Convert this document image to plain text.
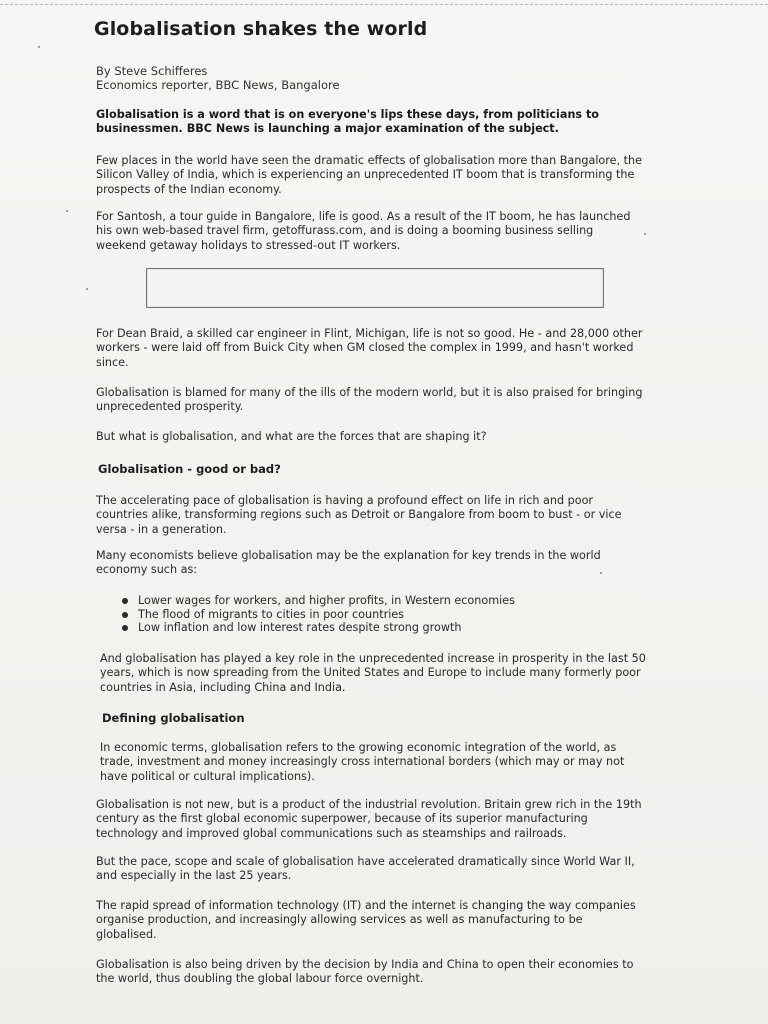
Globalisation shakes the world
By Steve Schifferes
Economics reporter, BBC News, Bangalore

Globalisation is a word that is on everyone's lips these days, from politicians to businessmen. BBC News is launching a major examination of the subject.

Few places in the world have seen the dramatic effects of globalisation more than Bangalore, the Silicon Valley of India, which is experiencing an unprecedented IT boom that is transforming the prospects of the Indian economy.

For Santosh, a tour guide in Bangalore, life is good. As a result of the IT boom, he has launched his own web-based travel firm, getoffurass.com, and is doing a booming business selling weekend getaway holidays to stressed-out IT workers.

For Dean Braid, a skilled car engineer in Flint, Michigan, life is not so good. He - and 28,000 other workers - were laid off from Buick City when GM closed the complex in 1999, and hasn't worked since.

Globalisation is blamed for many of the ills of the modern world, but it is also praised for bringing unprecedented prosperity.

But what is globalisation, and what are the forces that are shaping it?

Globalisation - good or bad?

The accelerating pace of globalisation is having a profound effect on life in rich and poor countries alike, transforming regions such as Detroit or Bangalore from boom to bust - or vice versa - in a generation.

Many economists believe globalisation may be the explanation for key trends in the world economy such as:

Lower wages for workers, and higher profits, in Western economies
The flood of migrants to cities in poor countries
Low inflation and low interest rates despite strong growth

And globalisation has played a key role in the unprecedented increase in prosperity in the last 50 years, which is now spreading from the United States and Europe to include many formerly poor countries in Asia, including China and India.

Defining globalisation

In economic terms, globalisation refers to the growing economic integration of the world, as trade, investment and money increasingly cross international borders (which may or may not have political or cultural implications).

Globalisation is not new, but is a product of the industrial revolution. Britain grew rich in the 19th century as the first global economic superpower, because of its superior manufacturing technology and improved global communications such as steamships and railroads.

But the pace, scope and scale of globalisation have accelerated dramatically since World War II, and especially in the last 25 years.

The rapid spread of information technology (IT) and the internet is changing the way companies organise production, and increasingly allowing services as well as manufacturing to be globalised.

Globalisation is also being driven by the decision by India and China to open their economies to the world, thus doubling the global labour force overnight.
